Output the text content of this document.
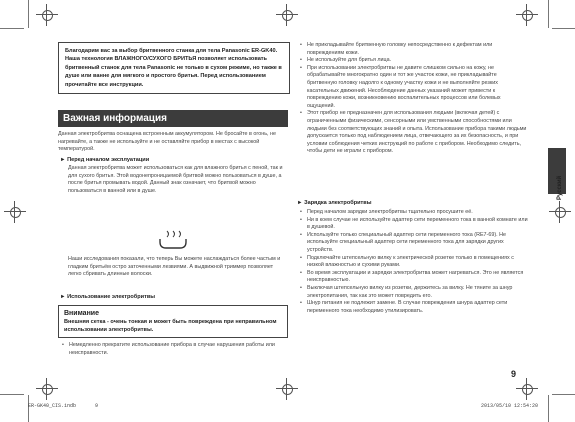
Благодарим вас за выбор бритвенного станка для тела Panasonic ER-GK40. Наша технология ВЛАЖНОГО/СУХОГО БРИТЬЯ позволяет использовать бритвенный станок для тела Panasonic не только в сухом режиме, но также в душе или ванне для мягкого и простого бритья. Перед использованием прочитайте все инструкции.
Важная информация
Данная электробритва оснащена встроенным аккумулятором. Не бросайте в огонь, не нагревайте, а также не используйте и не оставляйте прибор в местах с высокой температурой.
► Перед началом эксплуатации
Данная электробритва может использоваться как для влажного бритья с пеной, так и для сухого бритья. Этой водонепроницаемой бритвой можно пользоваться в душе, а после бритья промывать водой. Данный знак означает, что бритвой можно пользоваться в ванной или в душе.
Наши исследования показали, что теперь Вы можете наслаждаться более частым и гладким бритьём остро заточенными лезвиями. А выдвижной триммер позволяет легко сбривать длинные волоски.
► Использование электробритвы
Внимание
Внешняя сетка - очень тонкая и может быть повреждена при неправильном использовании электробритвы.
• Немедленно прекратите использование прибора в случае нарушения работы или неисправности.
• Не прикладывайте бритвенную головку непосредственно к дефектам или повреждениям кожи.
• Не используйте для бритья лица.
• При использовании электробритвы не давите слишком сильно на кожу, не обрабатывайте многократно один и тот же участок кожи, не прикладывайте бритвенную головку надолго к одному участку кожи и не выполняйте резких касательных движений. Несоблюдение данных указаний может привести к повреждению кожи, возникновению воспалительных процессов или болевых ощущений.
• Этот прибор не предназначен для использования людьми (включая детей) с ограниченными физическими, сенсорными или умственными способностями или людьми без соответствующих знаний и опыта. Использование прибора такими людьми допускается только под наблюдением лица, отвечающего за их безопасность, и при условии соблюдения четких инструкций по работе с прибором. Необходимо следить, чтобы дети не играли с прибором.
► Зарядка электробритвы
• Перед началом зарядки электробритвы тщательно просушите её.
• Ни в коем случае не используйте адаптер сети переменного тока в ванной комнате или в душевой.
• Используйте только специальный адаптер сети переменного тока (RE7-69). Не используйте специальный адаптер сети переменного тока для зарядки других устройств.
• Подключайте штепсельную вилку к электрической розетке только в помещениях с низкой влажностью и сухими руками.
• Во время эксплуатации и зарядки электробритва может нагреваться. Это не является неисправностью.
• Выключая штепсельную вилку из розетки, держитесь за вилку. Не тяните за шнур электропитания, так как это может повредить его.
• Шнур питания не подлежит замене. В случае повреждения шнура адаптер сети переменного тока необходимо утилизировать.
Русский
9
ER-GK40_CIS.indb	9	2013/05/10 12:54:20
